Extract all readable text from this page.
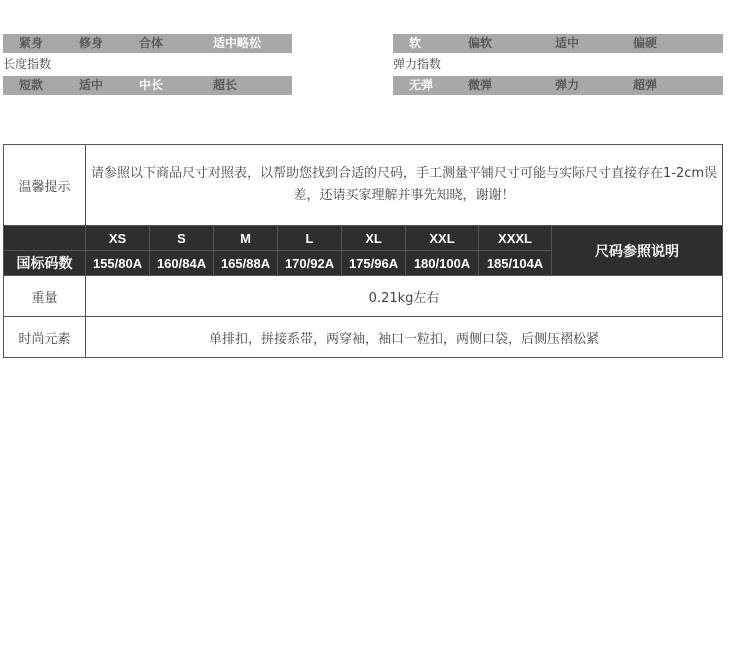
紧身	修身	合体	适中略松
长度指数
短款	适中	中长	超长
软	偏软	适中	偏硬
弹力指数
无弹	微弹	弹力	超弹
温馨提示	请参照以下商品尺寸对照表，以帮助您找到合适的尺码，手工测量平铺尺寸可能与实际尺寸直接存在1-2cm误差，还请买家理解并事先知晓，谢谢！							
	XS	S	M	L	XL	XXL	XXXL	尺码参照说明
国标码数	155/80A	160/84A	165/88A	170/92A	175/96A	180/100A	185/104A	
重量	0.21kg左右							
时尚元素	单排扣，拼接系带，两穿袖，袖口一粒扣，两侧口袋，后侧压褶松紧							
